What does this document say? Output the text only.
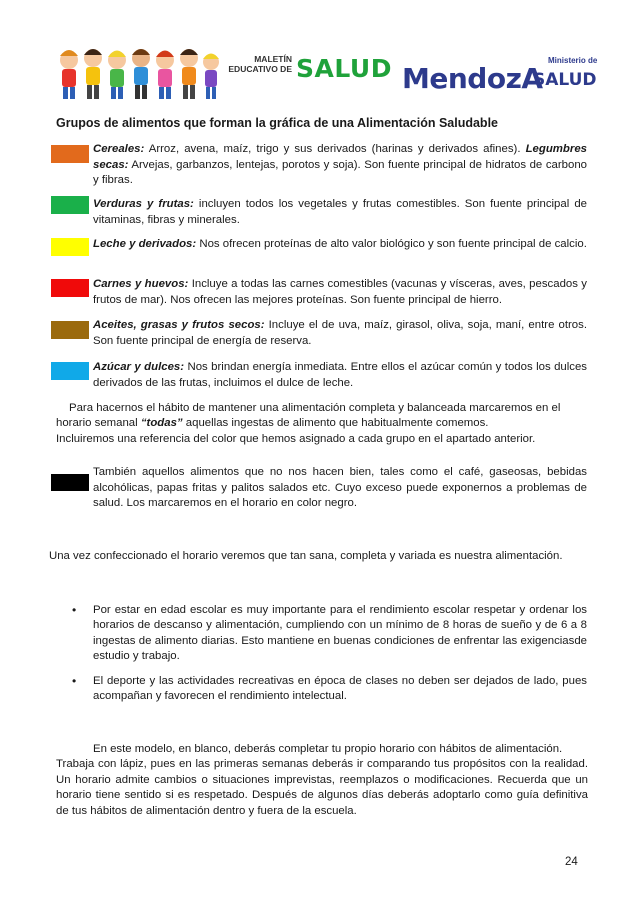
MALETÍN
EDUCATIVO DE SALUD MendozA
Ministerio de
SALUD
Grupos de alimentos que forman la gráfica de una Alimentación Saludable
Cereales: Arroz, avena, maíz, trigo y sus derivados (harinas y derivados afines). Legumbres secas: Arvejas, garbanzos, lentejas, porotos y soja). Son fuente principal de hidratos de carbono y fibras.
Verduras y frutas: incluyen todos los vegetales y frutas comestibles. Son fuente principal de vitaminas, fibras y minerales.
Leche y derivados: Nos ofrecen proteínas de alto valor biológico y son fuente principal de calcio.
Carnes y huevos: Incluye a todas las carnes comestibles (vacunas y vísceras, aves, pescados y frutos de mar). Nos ofrecen las mejores proteínas. Son fuente principal de hierro.
Aceites, grasas y frutos secos: Incluye el de uva, maíz, girasol, oliva, soja, maní, entre otros. Son fuente principal de energía de reserva.
Azúcar y dulces: Nos brindan energía inmediata. Entre ellos el azúcar común y todos los dulces derivados de las frutas, incluimos el dulce de leche.
Para hacernos el hábito de mantener una alimentación completa y balanceada marcaremos en el
horario semanal “todas” aquellas ingestas de alimento que habitualmente comemos.
Incluiremos una referencia del color que hemos asignado a cada grupo en el apartado anterior.
También aquellos alimentos que no nos hacen bien, tales como el café, gaseosas, bebidas alcohólicas, papas fritas y palitos salados etc. Cuyo exceso puede exponernos a problemas de salud. Los marcaremos en el horario en color negro.
Una vez confeccionado el horario veremos que tan sana, completa y variada es nuestra alimentación.
• Por estar en edad escolar es muy importante para el rendimiento escolar respetar y ordenar los horarios de descanso y alimentación, cumpliendo con un mínimo de 8 horas de sueño y de 6 a 8 ingestas de alimento diarias. Esto mantiene en buenas condiciones de enfrentar las exigenciasde estudio y trabajo.
• El deporte y las actividades recreativas en época de clases no deben ser dejados de lado, pues acompañan y favorecen el rendimiento intelectual.
En este modelo, en blanco, deberás completar tu propio horario con hábitos de alimentación.
Trabaja con lápiz, pues en las primeras semanas deberás ir comparando tus propósitos con la realidad. Un horario admite cambios o situaciones imprevistas, reemplazos o modificaciones. Recuerda que un horario tiene sentido si es respetado. Después de algunos días deberás adoptarlo como guía definitiva de tus hábitos de alimentación dentro y fuera de la escuela.
24
